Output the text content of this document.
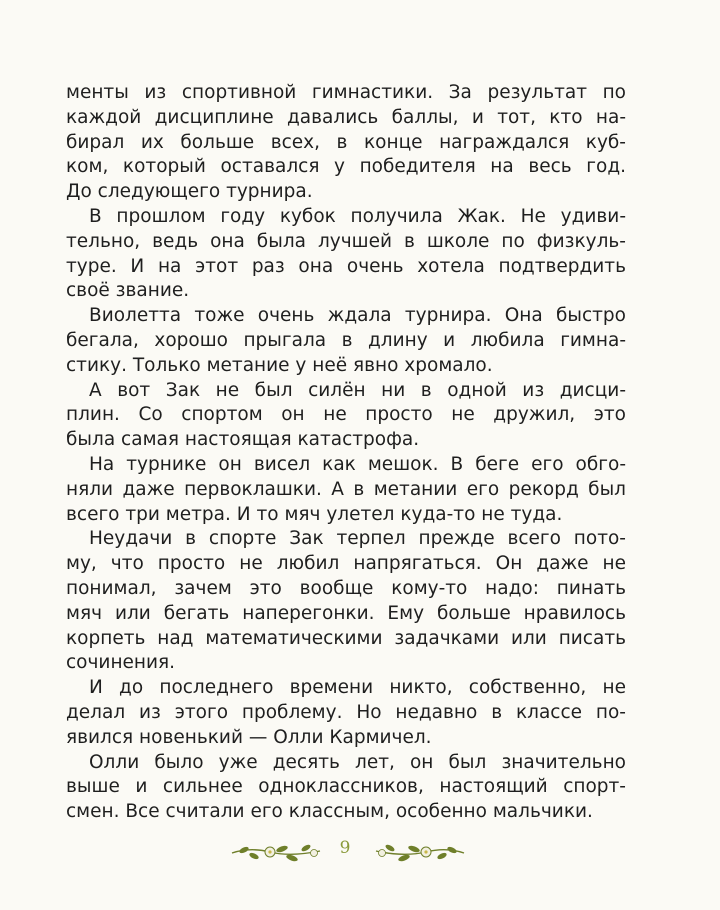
менты из спортивной гимнастики. За результат по
каждой дисциплине давались баллы, и тот, кто на-
бирал их больше всех, в конце награждался куб-
ком, который оставался у победителя на весь год.
До следующего турнира.
В прошлом году кубок получила Жак. Не удиви-
тельно, ведь она была лучшей в школе по физкуль-
туре. И на этот раз она очень хотела подтвердить
своё звание.
Виолетта тоже очень ждала турнира. Она быстро
бегала, хорошо прыгала в длину и любила гимна-
стику. Только метание у неё явно хромало.
А вот Зак не был силён ни в одной из дисци-
плин. Со спортом он не просто не дружил, это
была самая настоящая катастрофа.
На турнике он висел как мешок. В беге его обго-
няли даже первоклашки. А в метании его рекорд был
всего три метра. И то мяч улетел куда-то не туда.
Неудачи в спорте Зак терпел прежде всего пото-
му, что просто не любил напрягаться. Он даже не
понимал, зачем это вообще кому-то надо: пинать
мяч или бегать наперегонки. Ему больше нравилось
корпеть над математическими задачками или писать
сочинения.
И до последнего времени никто, собственно, не
делал из этого проблему. Но недавно в классе по-
явился новенький — Олли Кармичел.
Олли было уже десять лет, он был значительно
выше и сильнее одноклассников, настоящий спорт-
смен. Все считали его классным, особенно мальчики.
9
